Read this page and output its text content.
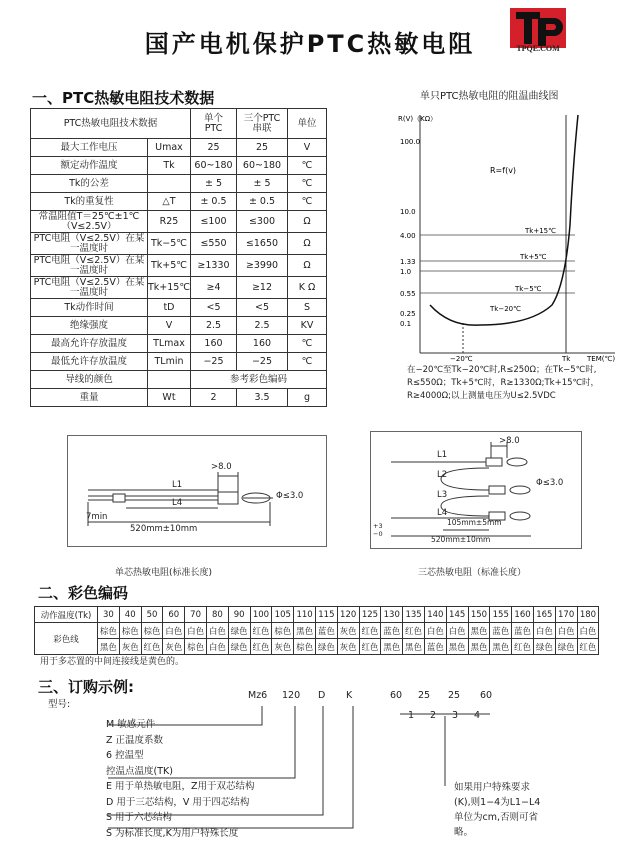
国产电机保护PTC热敏电阻	TPQE.COM
一、PTC热敏电阻技术数据
PTC热敏电阻技术数据		单个PTC	三个PTC串联	单位
最大工作电压	Umax	25	25	V
额定动作温度	Tk	60~180	60~180	℃
Tk的公差		± 5	± 5	℃
Tk的重复性	△T	± 0.5	± 0.5	℃
常温阻值T＝25℃±1℃（V≤2.5V）	R25	≤100	≤300	Ω
PTC电阻（V≤2.5V）在某一温度时	Tk−5℃	≤550	≤1650	Ω
PTC电阻（V≤2.5V）在某一温度时	Tk+5℃	≥1330	≥3990	Ω
PTC电阻（V≤2.5V）在某一温度时	Tk+15℃	≥4	≥12	K Ω
Tk动作时间	tD	<5	<5	S
绝缘强度	V	2.5	2.5	KV
最高允许存放温度	TLmax	160	160	℃
最低允许存放温度	TLmin	−25	−25	℃
导线的颜色		参考彩色编码		
重量	Wt	2	3.5	g
单只PTC热敏电阻的阻温曲线图
R(V)（KΩ）
100.0
10.0
4.00
1.33
1.0
0.55
0.25
0.1
Tk+15℃
Tk+5℃
Tk−5℃
Tk−20℃
R=f(v)
−20℃	Tk TEM(℃)
在−20℃至Tk−20℃时,R≤250Ω；在Tk−5℃时,
R≤550Ω；Tk+5℃时，R≥1330Ω;Tk+15℃时，
R≥4000Ω;以上测量电压为U≤2.5VDC
>8.0
L1
L4
Φ≤3.0
7min
520mm±10mm
单芯热敏电阻(标准长度)
>8.0
L1
L2
L3
L4
Φ≤3.0
105mm±5mm
520mm±10mm
+3 −0
三芯热敏电阻（标准长度）
二、彩色编码
动作温度(Tk)	30	40	50	60	70	80	90	100	105	110	115	120	125	130	135	140	145	150	155	160	165	170	180
彩色线	棕色	棕色	棕色	白色	白色	白色	绿色	红色	棕色	黑色	蓝色	灰色	红色	蓝色	红色	白色	白色	黑色	蓝色	蓝色	白色	白色	白色
	黑色	灰色	红色	灰色	棕色	白色	绿色	红色	灰色	棕色	绿色	灰色	红色	黑色	黑色	蓝色	黑色	黑色	黑色	红色	绿色	绿色	红色
用于多芯置的中间连接线是黄色的。
三、订购示例:
型号:
Mz6 120 D K	60 25 25 60
1 2 3 4
M 敏感元件
Z 正温度系数
6 控温型
控温点温度(TK)
E 用于单热敏电阻，Z用于双芯结构
D 用于三芯结构，V 用于四芯结构
S 用于六芯结构
S 为标准长度,K为用户特殊长度
如果用户特殊要求
(K),则1−4为L1−L4
单位为cm,否则可省
略。
